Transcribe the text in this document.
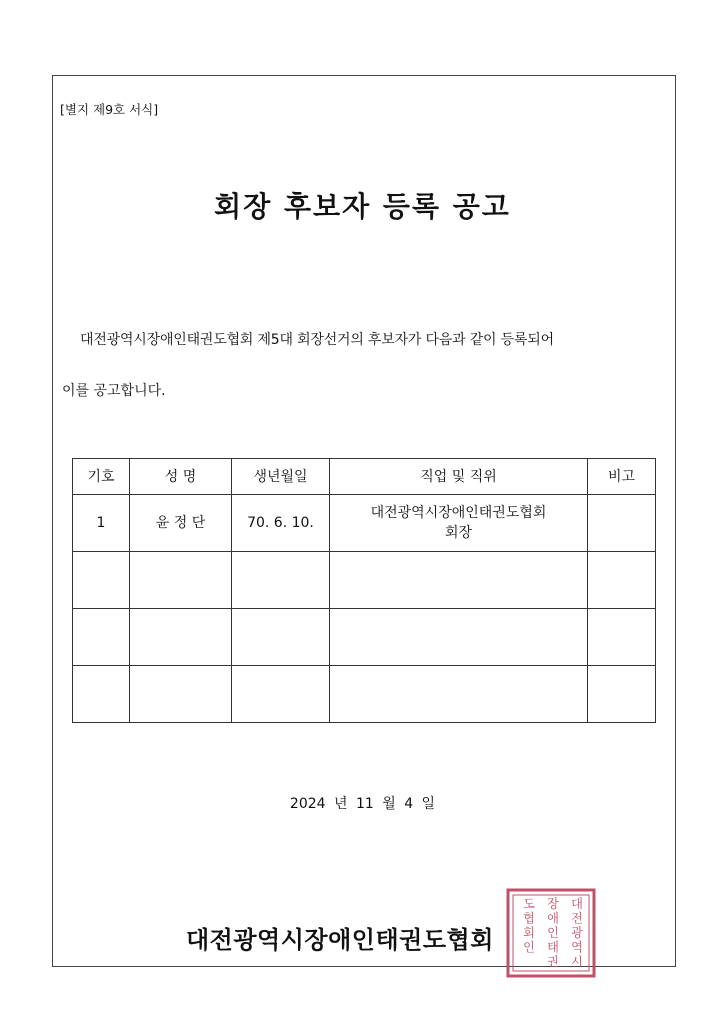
[별지 제9호 서식]
회장 후보자 등록 공고
대전광역시장애인태권도협회 제5대 회장선거의 후보자가 다음과 같이 등록되어
이를 공고합니다.
기호	성 명	생년월일	직업 및 직위	비고
1	윤 정 단	70. 6. 10.	대전광역시장애인태권도협회
회장	

2024 년 11 월 4 일
대전광역시장애인태권도협회
대
전
광
역
시
장
애
인
태
권
도
협
회
인
